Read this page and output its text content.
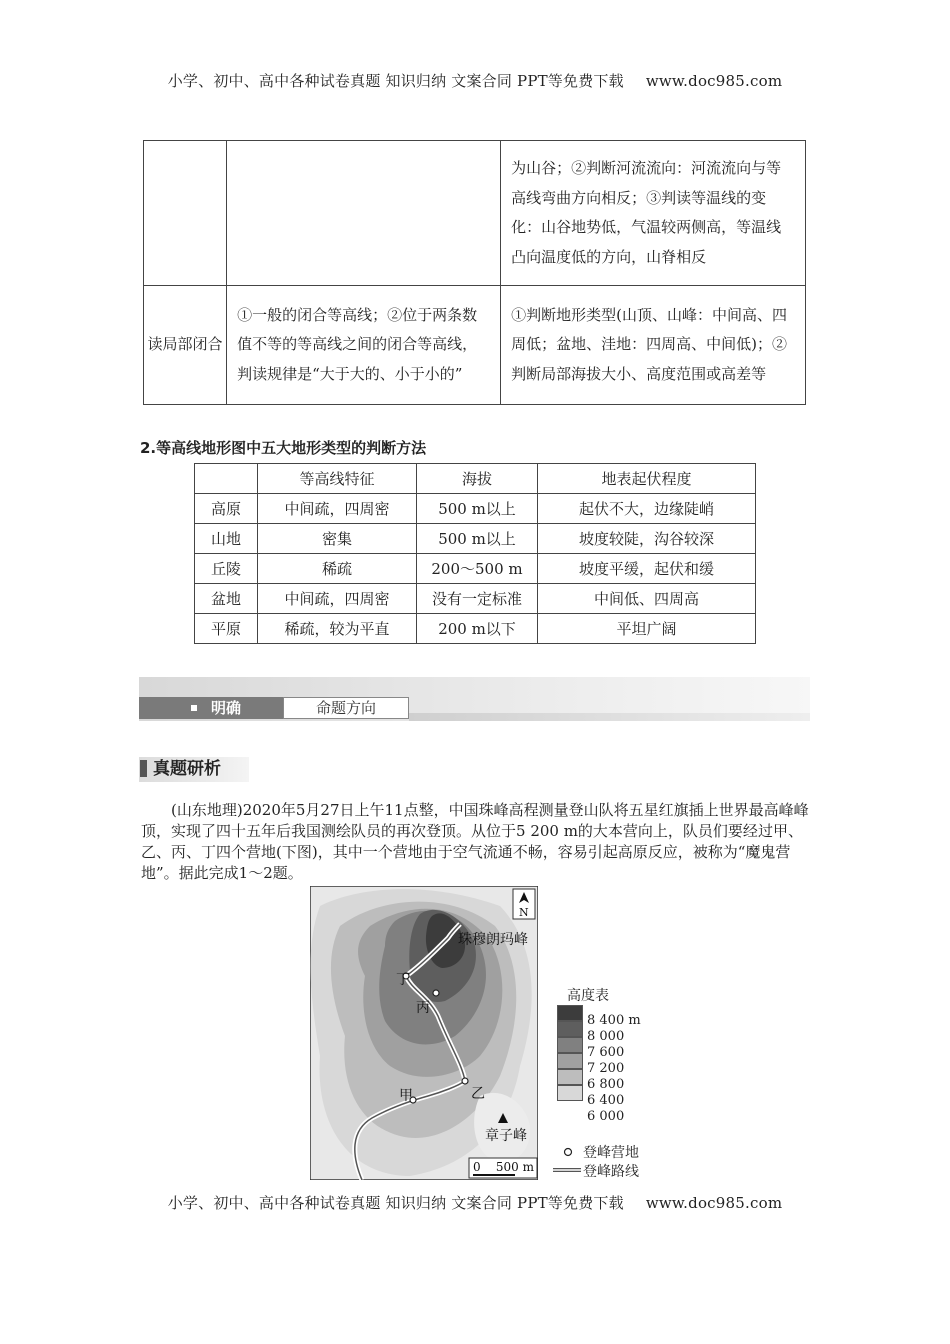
小学、初中、高中各种试卷真题 知识归纳 文案合同 PPT等免费下载 www.doc985.com
		为山谷；②判断河流流向：河流流向与等高线弯曲方向相反；③判读等温线的变化：山谷地势低，气温较两侧高，等温线凸向温度低的方向，山脊相反
读局部闭合	①一般的闭合等高线；②位于两条数值不等的等高线之间的闭合等高线，判读规律是“大于大的、小于小的”	①判断地形类型(山顶、山峰：中间高、四周低；盆地、洼地：四周高、中间低)；②判断局部海拔大小、高度范围或高差等
2.等高线地形图中五大地形类型的判断方法
	等高线特征	海拔	地表起伏程度
高原	中间疏，四周密	500 m以上	起伏不大，边缘陡峭
山地	密集	500 m以上	坡度较陡，沟谷较深
丘陵	稀疏	200～500 m	坡度平缓，起伏和缓
盆地	中间疏，四周密	没有一定标准	中间低、四周高
平原	稀疏，较为平直	200 m以下	平坦广阔
明确	命题方向
真题研析
(山东地理)2020年5月27日上午11点整，中国珠峰高程测量登山队将五星红旗插上世界最高峰峰顶，实现了四十五年后我国测绘队员的再次登顶。从位于5 200 m的大本营向上，队员们要经过甲、乙、丙、丁四个营地(下图)，其中一个营地由于空气流通不畅，容易引起高原反应，被称为“魔鬼营地”。据此完成1～2题。
珠穆朗玛峰
丁
丙
乙
甲
章子峰
N
0    500 m
高度表
8 400 m
8 000
7 600
7 200
6 800
6 400
6 000
登峰营地
登峰路线
小学、初中、高中各种试卷真题 知识归纳 文案合同 PPT等免费下载 www.doc985.com
